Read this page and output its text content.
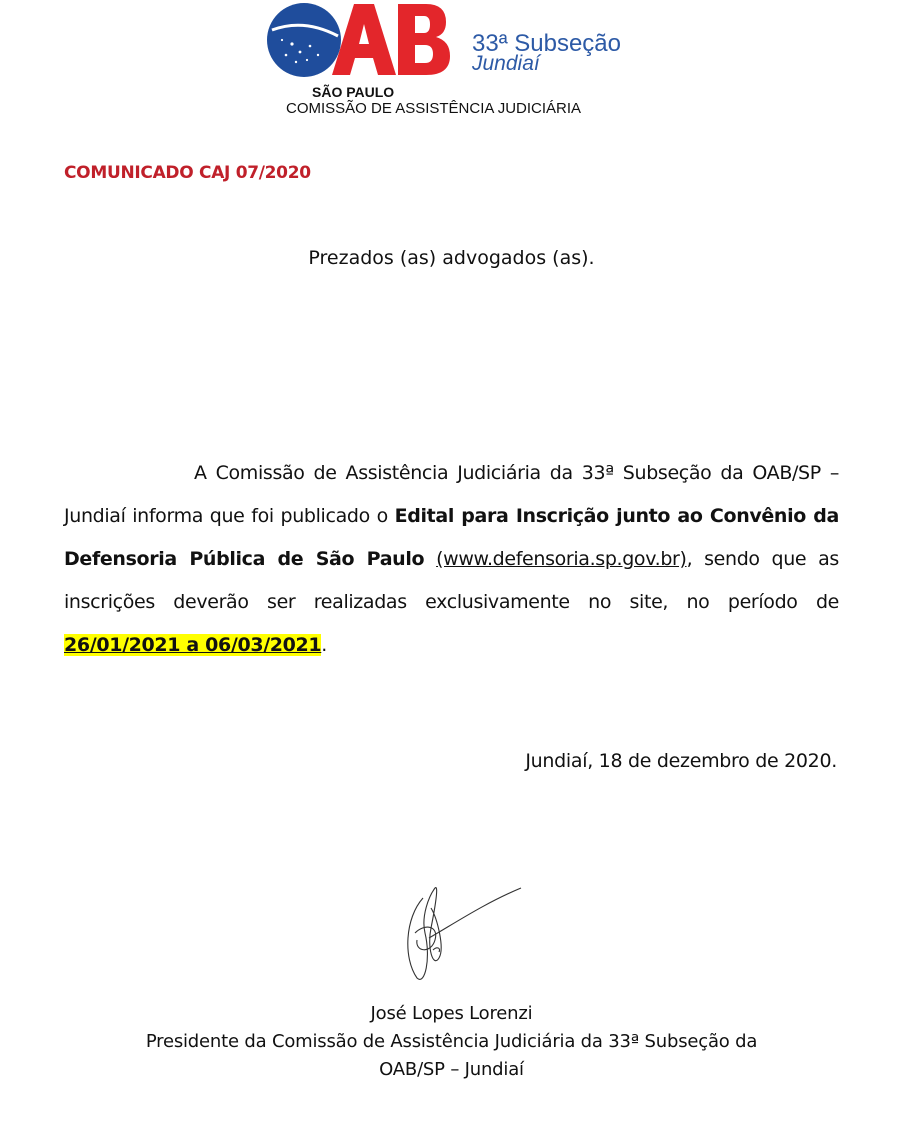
33ª Subseção
Jundiaí
SÃO PAULO
COMISSÃO DE ASSISTÊNCIA JUDICIÁRIA
COMUNICADO CAJ 07/2020
Prezados (as) advogados (as).
A Comissão de Assistência Judiciária da 33ª Subseção da OAB/SP –
Jundiaí informa que foi publicado o Edital para Inscrição junto ao Convênio da
Defensoria Pública de São Paulo (www.defensoria.sp.gov.br), sendo que as
inscrições deverão ser realizadas exclusivamente no site, no período de
26/01/2021 a 06/03/2021.
Jundiaí, 18 de dezembro de 2020.
José Lopes Lorenzi
Presidente da Comissão de Assistência Judiciária da 33ª Subseção da
OAB/SP – Jundiaí
